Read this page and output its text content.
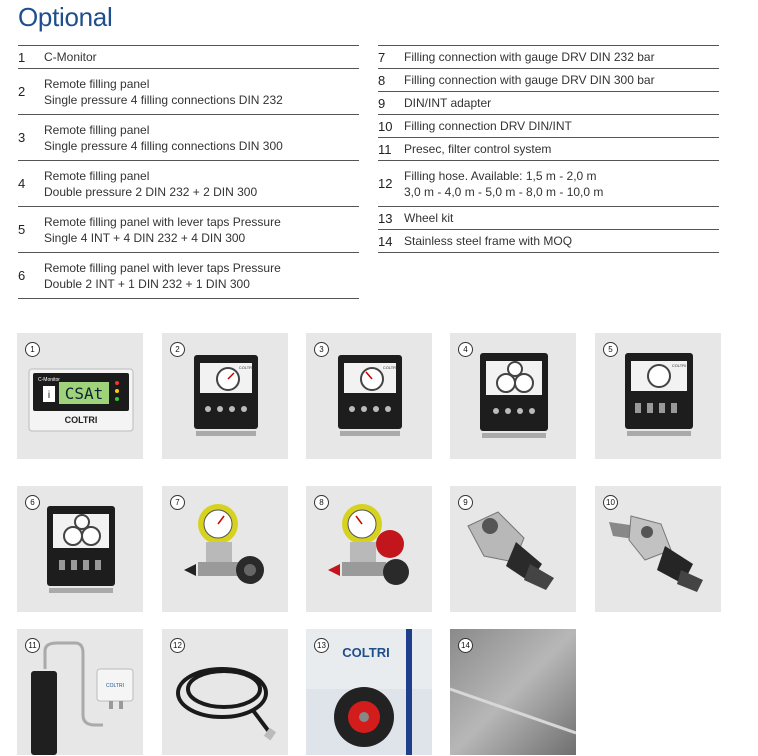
Optional
1	C-Monitor
2
Remote filling panel
Single pressure 4 filling connections DIN 232
3
Remote filling panel
Single pressure 4 filling connections DIN 300
4
Remote filling panel
Double pressure 2 DIN 232 + 2 DIN 300
5
Remote filling panel with lever taps Pressure
Single 4 INT + 4 DIN 232 + 4 DIN 300
6
Remote filling panel with lever taps Pressure
Double 2 INT + 1 DIN 232 + 1 DIN 300
7	Filling connection with gauge DRV DIN 232 bar
8	Filling connection with gauge DRV DIN 300 bar
9	DIN/INT adapter
10 Filling connection DRV DIN/INT
11	Presec, filter control system
12
Filling hose. Available: 1,5 m - 2,0 m
3,0 m - 4,0 m - 5,0 m - 8,0 m - 10,0 m
13 Wheel kit
14 Stainless steel frame with MOQ
i CSAt
C-Monitor
COLTRI
1
COLTRI
2
COLTRI
3	4
COLTRI
5
6	7	8	9	10
COLTRI
11	12	COLTRI
13	14
